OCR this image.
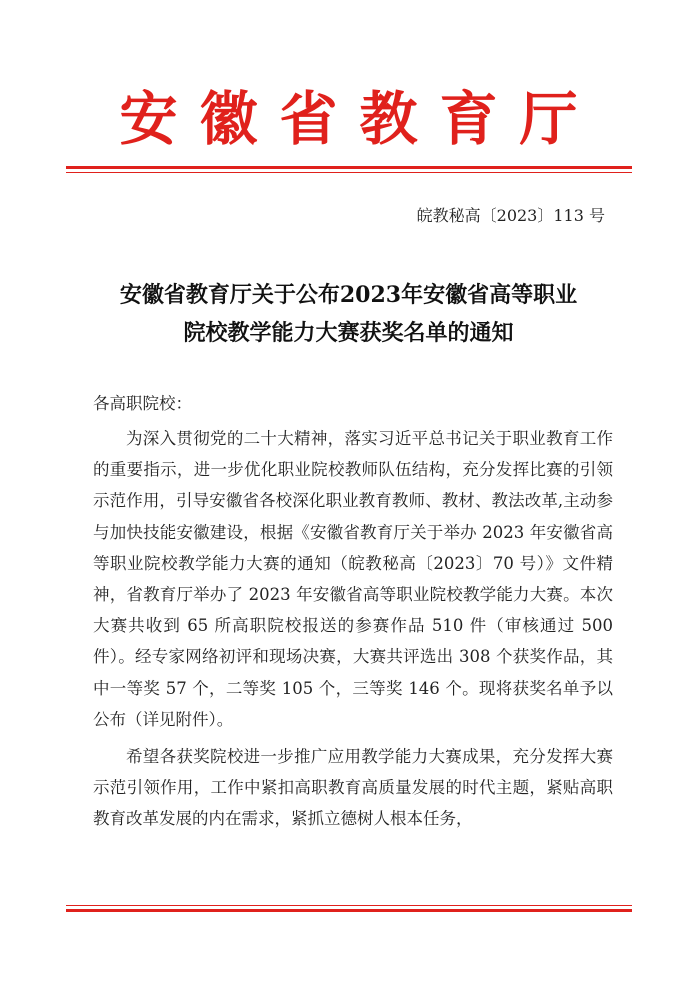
安徽省教育厅
皖教秘高〔2023〕113 号
安徽省教育厅关于公布2023年安徽省高等职业
院校教学能力大赛获奖名单的通知
各高职院校：

为深入贯彻党的二十大精神，落实习近平总书记关于职业教育工作的重要指示，进一步优化职业院校教师队伍结构，充分发挥比赛的引领示范作用，引导安徽省各校深化职业教育教师、教材、教法改革,主动参与加快技能安徽建设，根据《安徽省教育厅关于举办 2023 年安徽省高等职业院校教学能力大赛的通知（皖教秘高〔2023〕70 号）》文件精神，省教育厅举办了 2023 年安徽省高等职业院校教学能力大赛。本次大赛共收到 65 所高职院校报送的参赛作品 510 件（审核通过 500 件）。经专家网络初评和现场决赛，大赛共评选出 308 个获奖作品，其中一等奖 57 个，二等奖 105 个，三等奖 146 个。现将获奖名单予以公布（详见附件）。

希望各获奖院校进一步推广应用教学能力大赛成果，充分发挥大赛示范引领作用，工作中紧扣高职教育高质量发展的时代主题，紧贴高职教育改革发展的内在需求，紧抓立德树人根本任务，
